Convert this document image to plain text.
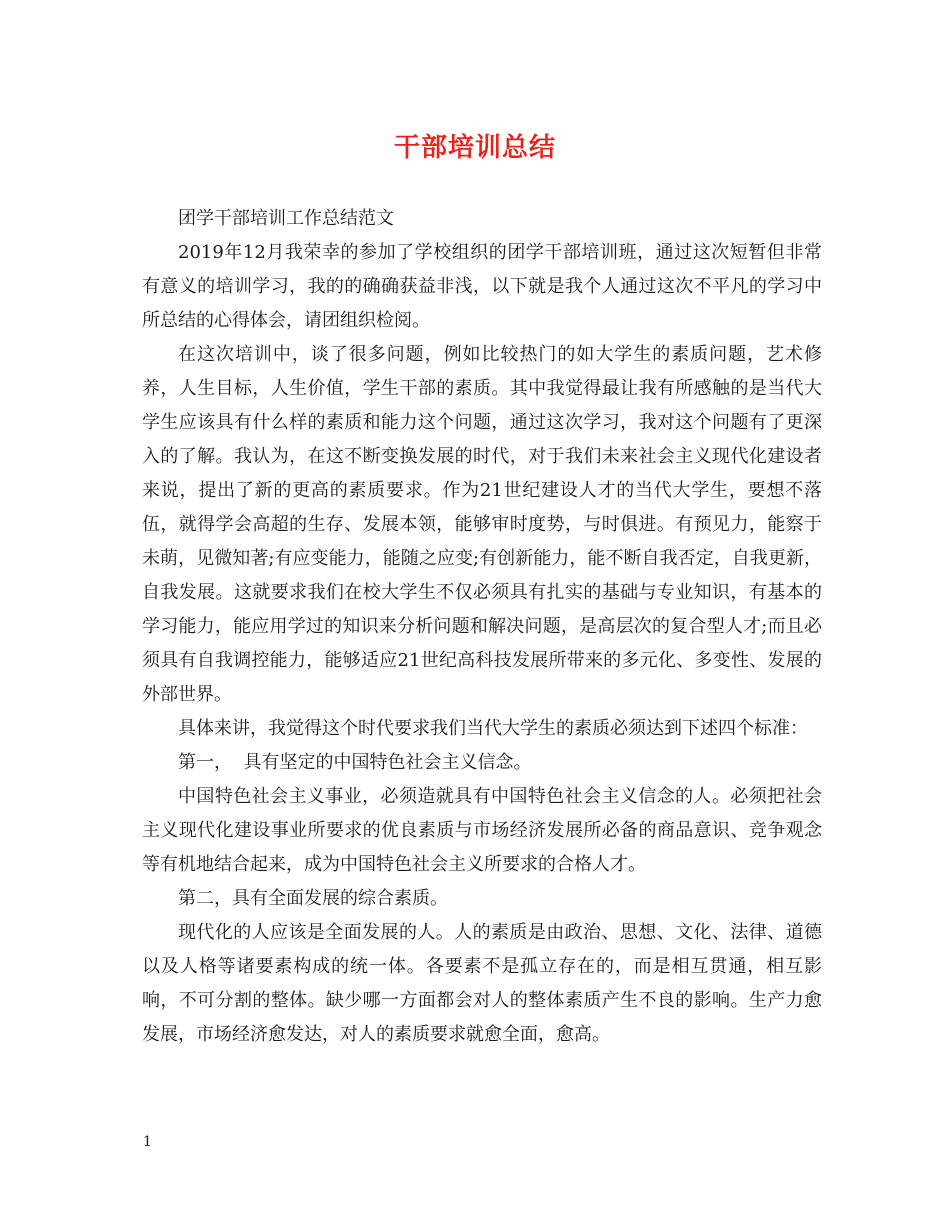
干部培训总结

团学干部培训工作总结范文

2019年12月我荣幸的参加了学校组织的团学干部培训班，通过这次短暂但非常有意义的培训学习，我的的确确获益非浅，以下就是我个人通过这次不平凡的学习中所总结的心得体会，请团组织检阅。

在这次培训中，谈了很多问题，例如比较热门的如大学生的素质问题，艺术修养，人生目标，人生价值，学生干部的素质。其中我觉得最让我有所感触的是当代大学生应该具有什么样的素质和能力这个问题，通过这次学习，我对这个问题有了更深入的了解。我认为，在这不断变换发展的时代，对于我们未来社会主义现代化建设者来说，提出了新的更高的素质要求。作为21世纪建设人才的当代大学生，要想不落伍，就得学会高超的生存、发展本领，能够审时度势，与时俱进。有预见力，能察于未萌，见微知著;有应变能力，能随之应变;有创新能力，能不断自我否定，自我更新，自我发展。这就要求我们在校大学生不仅必须具有扎实的基础与专业知识，有基本的学习能力，能应用学过的知识来分析问题和解决问题，是高层次的复合型人才;而且必须具有自我调控能力，能够适应21世纪高科技发展所带来的多元化、多变性、发展的外部世界。

具体来讲，我觉得这个时代要求我们当代大学生的素质必须达到下述四个标准：

第一，  具有坚定的中国特色社会主义信念。

中国特色社会主义事业，必须造就具有中国特色社会主义信念的人。必须把社会主义现代化建设事业所要求的优良素质与市场经济发展所必备的商品意识、竞争观念等有机地结合起来，成为中国特色社会主义所要求的合格人才。

第二，具有全面发展的综合素质。

现代化的人应该是全面发展的人。人的素质是由政治、思想、文化、法律、道德以及人格等诸要素构成的统一体。各要素不是孤立存在的，而是相互贯通，相互影响，不可分割的整体。缺少哪一方面都会对人的整体素质产生不良的影响。生产力愈发展，市场经济愈发达，对人的素质要求就愈全面，愈高。

1
